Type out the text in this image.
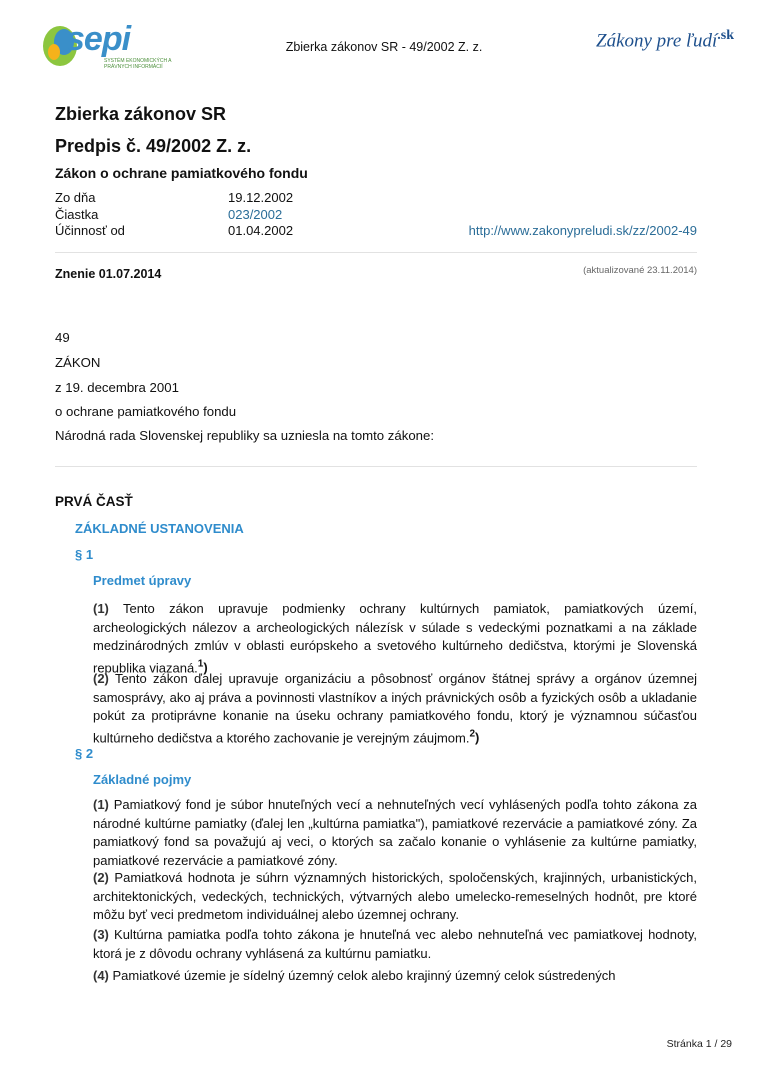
sepi
SYSTÉM EKONOMICKÝCH A PRÁVNYCH INFORMÁCIÍ
Zbierka zákonov SR - 49/2002 Z. z.	Zákony pre ľudí$^{.sk}$
Zbierka zákonov SR
Predpis č. 49/2002 Z. z.
Zákon o ochrane pamiatkového fondu
Zo dňa	19.12.2002
Čiastka	023/2002
Účinnosť od	01.04.2002	http://www.zakonypreludi.sk/zz/2002-49
Znenie 01.07.2014	(aktualizované 23.11.2014)
49
ZÁKON
z 19. decembra 2001
o ochrane pamiatkového fondu
Národná rada Slovenskej republiky sa uzniesla na tomto zákone:
PRVÁ ČASŤ
ZÁKLADNÉ USTANOVENIA
§ 1
Predmet úpravy
(1) Tento zákon upravuje podmienky ochrany kultúrnych pamiatok, pamiatkových území, archeologických nálezov a archeologických nálezísk v súlade s vedeckými poznatkami a na základe medzinárodných zmlúv v oblasti európskeho a svetového kultúrneho dedičstva, ktorými je Slovenská republika viazaná.$^1$)
(2) Tento zákon ďalej upravuje organizáciu a pôsobnosť orgánov štátnej správy a orgánov územnej samosprávy, ako aj práva a povinnosti vlastníkov a iných právnických osôb a fyzických osôb a ukladanie pokút za protiprávne konanie na úseku ochrany pamiatkového fondu, ktorý je významnou súčasťou kultúrneho dedičstva a ktorého zachovanie je verejným záujmom.$^2$)
§ 2
Základné pojmy
(1) Pamiatkový fond je súbor hnuteľných vecí a nehnuteľných vecí vyhlásených podľa tohto zákona za národné kultúrne pamiatky (ďalej len „kultúrna pamiatka"), pamiatkové rezervácie a pamiatkové zóny. Za pamiatkový fond sa považujú aj veci, o ktorých sa začalo konanie o vyhlásenie za kultúrne pamiatky, pamiatkové rezervácie a pamiatkové zóny.
(2) Pamiatková hodnota je súhrn významných historických, spoločenských, krajinných, urbanistických, architektonických, vedeckých, technických, výtvarných alebo umelecko-remeselných hodnôt, pre ktoré môžu byť veci predmetom individuálnej alebo územnej ochrany.
(3) Kultúrna pamiatka podľa tohto zákona je hnuteľná vec alebo nehnuteľná vec pamiatkovej hodnoty, ktorá je z dôvodu ochrany vyhlásená za kultúrnu pamiatku.
(4) Pamiatkové územie je sídelný územný celok alebo krajinný územný celok sústredených
Stránka 1 / 29
